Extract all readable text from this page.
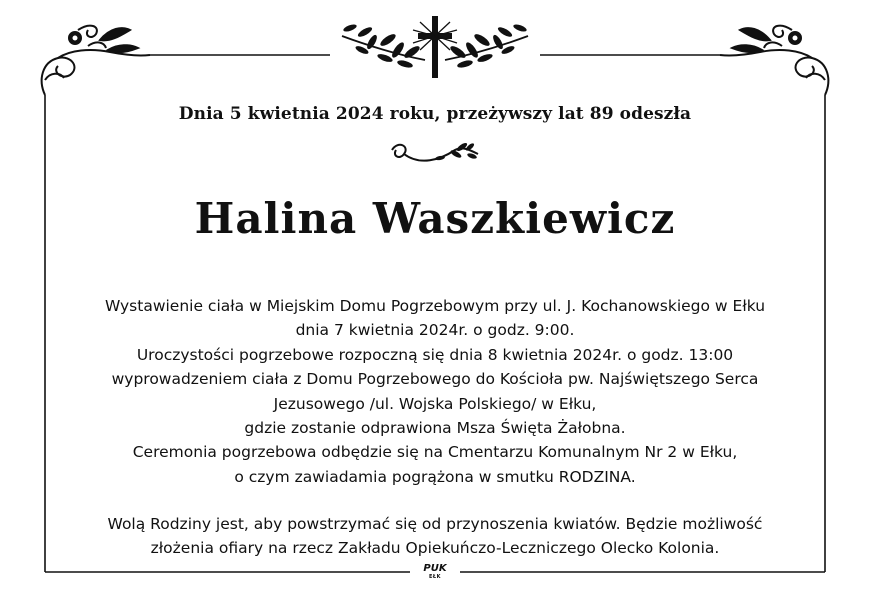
Dnia 5 kwietnia 2024 roku, przeżywszy lat 89 odeszła
Halina Waszkiewicz
Wystawienie ciała w Miejskim Domu Pogrzebowym przy ul. J. Kochanowskiego w Ełku
dnia 7 kwietnia 2024r. o godz. 9:00.
Uroczystości pogrzebowe rozpoczną się dnia 8 kwietnia 2024r. o godz. 13:00
wyprowadzeniem ciała z Domu Pogrzebowego do Kościoła pw. Najświętszego Serca
Jezusowego /ul. Wojska Polskiego/ w Ełku,
gdzie zostanie odprawiona Msza Święta Żałobna.
Ceremonia pogrzebowa odbędzie się na Cmentarzu Komunalnym Nr 2 w Ełku,
o czym zawiadamia pogrążona w smutku RODZINA.
Wolą Rodziny jest, aby powstrzymać się od przynoszenia kwiatów. Będzie możliwość
złożenia ofiary na rzecz Zakładu Opiekuńczo-Leczniczego Olecko Kolonia.
PUK
EŁK
